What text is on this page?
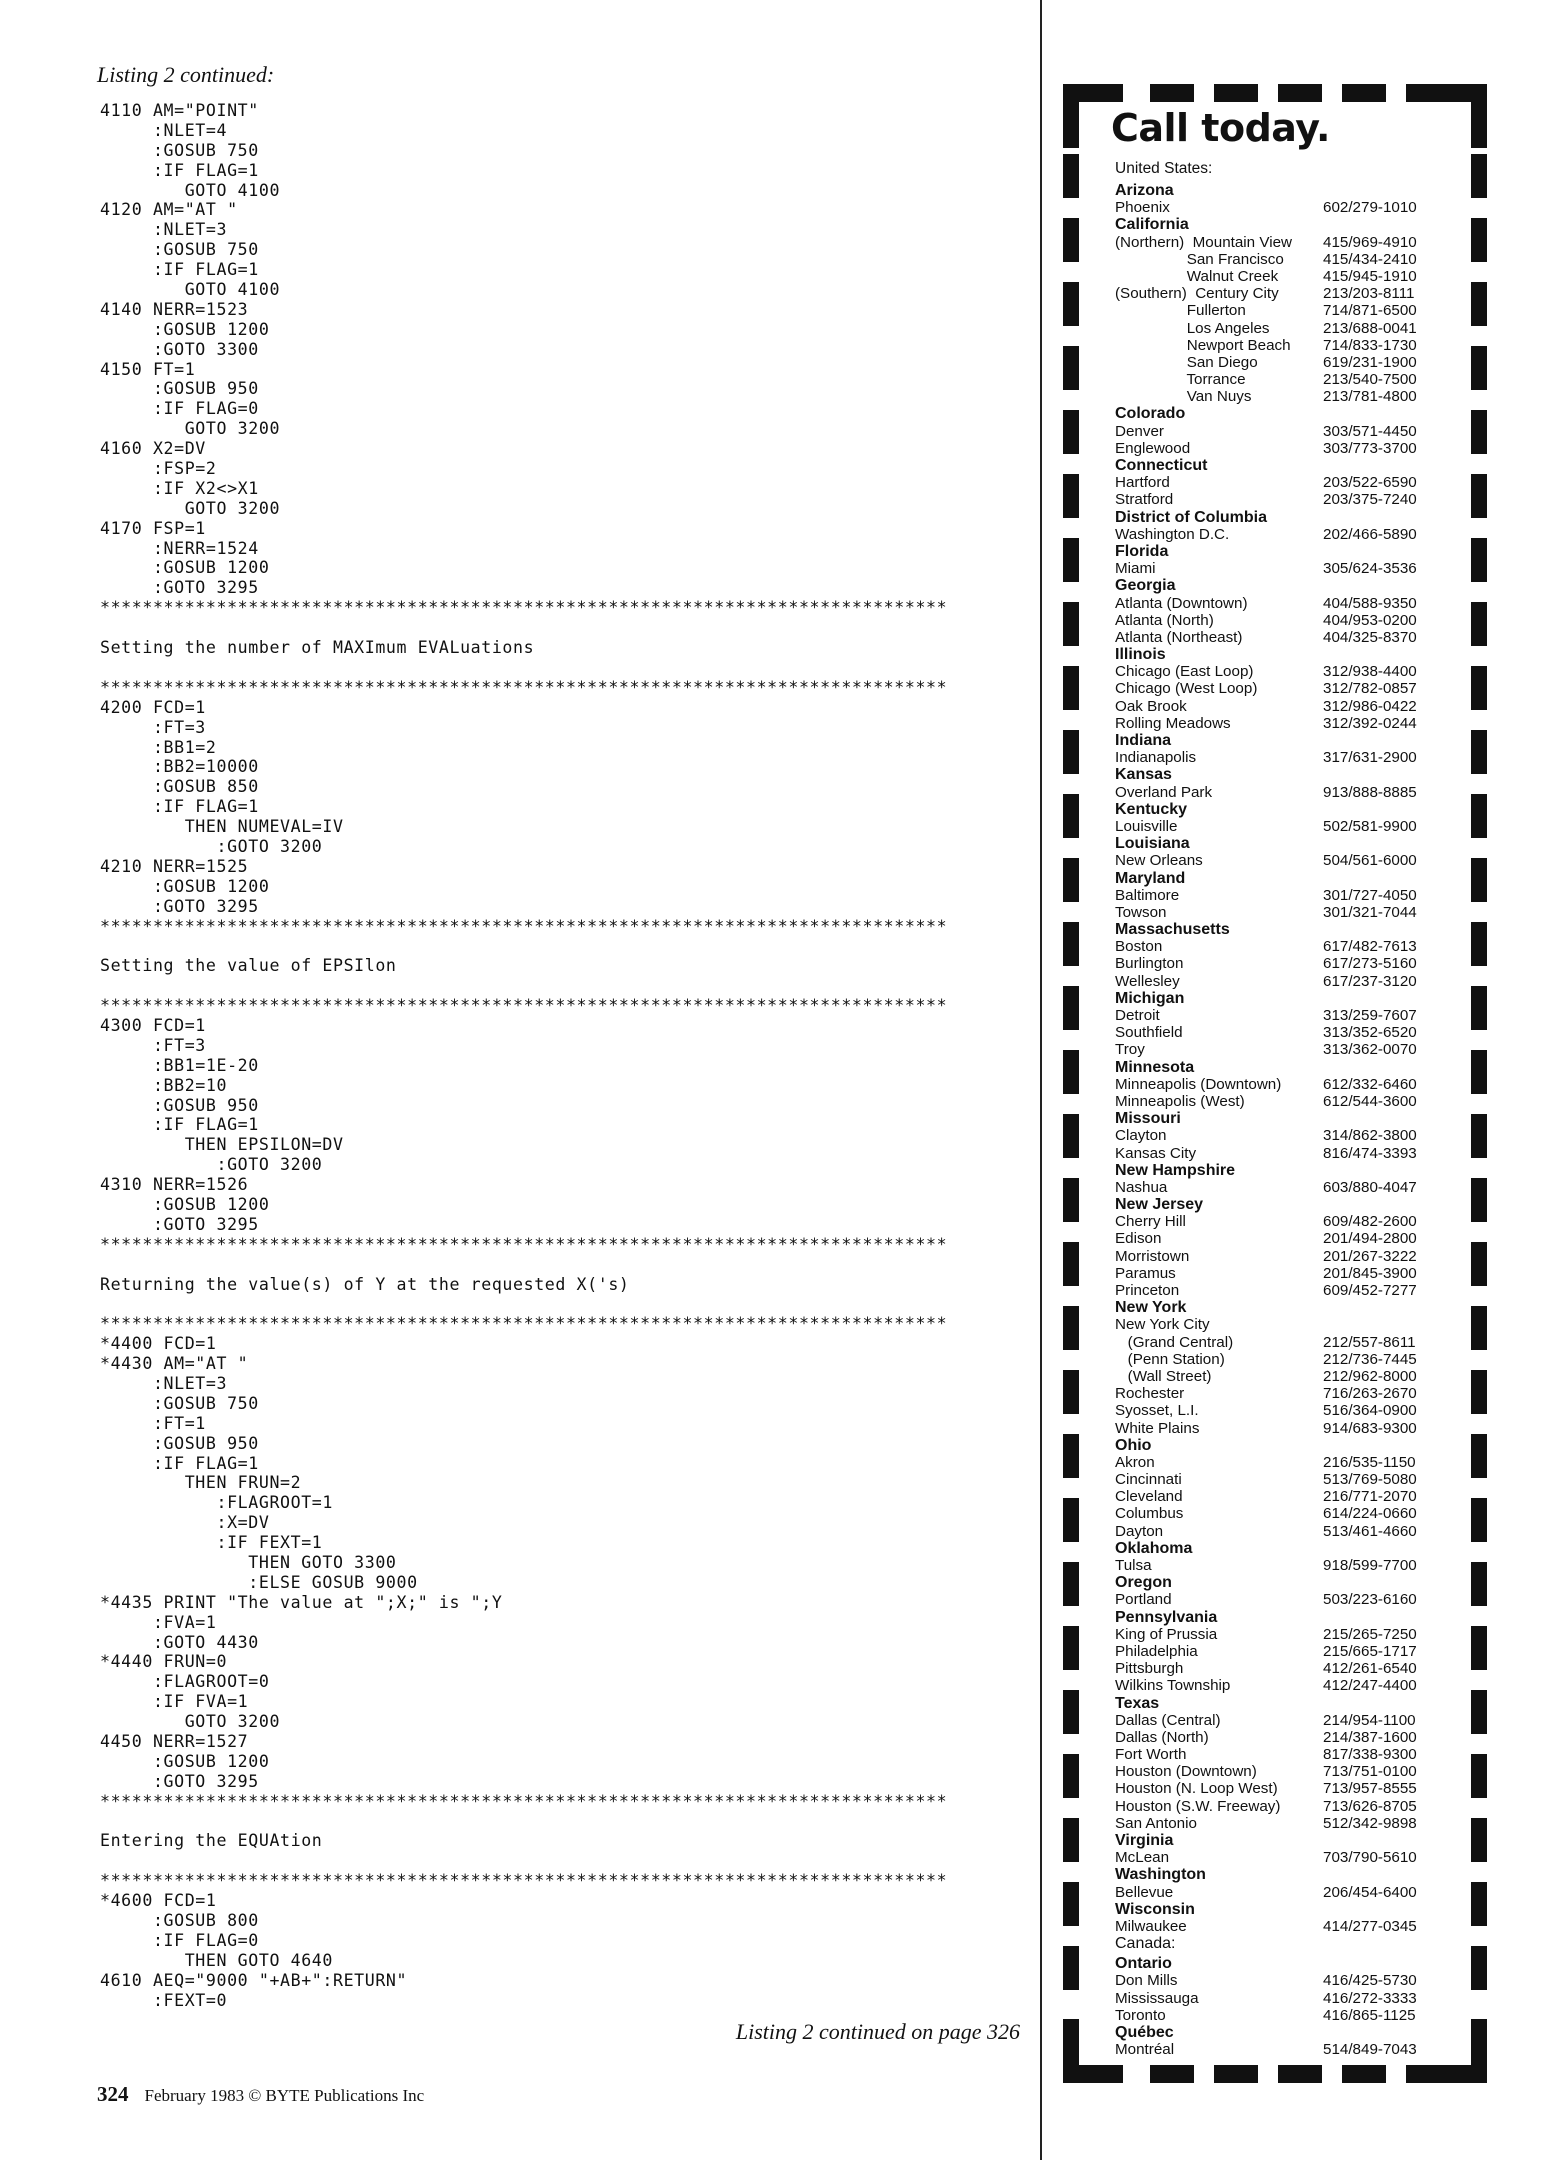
Listing 2 continued:
4110 AM="POINT"
:NLET=4
:GOSUB 750
:IF FLAG=1
GOTO 4100
4120 AM="AT "
:NLET=3
:GOSUB 750
:IF FLAG=1
GOTO 4100
4140 NERR=1523
:GOSUB 1200
:GOTO 3300
4150 FT=1
:GOSUB 950
:IF FLAG=0
GOTO 3200
4160 X2=DV
:FSP=2
:IF X2<>X1
GOTO 3200
4170 FSP=1
:NERR=1524
:GOSUB 1200
:GOTO 3295
********************************************************************************
Setting the number of MAXImum EVALuations
********************************************************************************
4200 FCD=1
:FT=3
:BB1=2
:BB2=10000
:GOSUB 850
:IF FLAG=1
THEN NUMEVAL=IV
:GOTO 3200
4210 NERR=1525
:GOSUB 1200
:GOTO 3295
********************************************************************************
Setting the value of EPSIlon
********************************************************************************
4300 FCD=1
:FT=3
:BB1=1E-20
:BB2=10
:GOSUB 950
:IF FLAG=1
THEN EPSILON=DV
:GOTO 3200
4310 NERR=1526
:GOSUB 1200
:GOTO 3295
********************************************************************************
Returning the value(s) of Y at the requested X('s)
********************************************************************************
*4400 FCD=1
*4430 AM="AT "
:NLET=3
:GOSUB 750
:FT=1
:GOSUB 950
:IF FLAG=1
THEN FRUN=2
:FLAGROOT=1
:X=DV
:IF FEXT=1
THEN GOTO 3300
:ELSE GOSUB 9000
*4435 PRINT "The value at ";X;" is ";Y
:FVA=1
:GOTO 4430
*4440 FRUN=0
:FLAGROOT=0
:IF FVA=1
GOTO 3200
4450 NERR=1527
:GOSUB 1200
:GOTO 3295
********************************************************************************
Entering the EQUAtion
********************************************************************************
*4600 FCD=1
:GOSUB 800
:IF FLAG=0
THEN GOTO 4640
4610 AEQ="9000 "+AB+":RETURN"
:FEXT=0
Listing 2 continued on page 326
324 February 1983 © BYTE Publications Inc
Call today.
United States:
Arizona
Phoenix	602/279-1010
California
(Northern)  Mountain View 415/969-4910
San Francisco	415/434-2410
Walnut Creek	415/945-1910
(Southern)  Century City	213/203-8111
Fullerton	714/871-6500
Los Angeles	213/688-0041
Newport Beach 714/833-1730
San Diego	619/231-1900
Torrance	213/540-7500
Van Nuys	213/781-4800
Colorado
Denver	303/571-4450
Englewood	303/773-3700
Connecticut
Hartford	203/522-6590
Stratford	203/375-7240
District of Columbia
Washington D.C.	202/466-5890
Florida
Miami	305/624-3536
Georgia
Atlanta (Downtown)	404/588-9350
Atlanta (North)	404/953-0200
Atlanta (Northeast)	404/325-8370
Illinois
Chicago (East Loop)	312/938-4400
Chicago (West Loop)	312/782-0857
Oak Brook	312/986-0422
Rolling Meadows	312/392-0244
Indiana
Indianapolis	317/631-2900
Kansas
Overland Park	913/888-8885
Kentucky
Louisville	502/581-9900
Louisiana
New Orleans	504/561-6000
Maryland
Baltimore	301/727-4050
Towson	301/321-7044
Massachusetts
Boston	617/482-7613
Burlington	617/273-5160
Wellesley	617/237-3120
Michigan
Detroit	313/259-7607
Southfield	313/352-6520
Troy	313/362-0070
Minnesota
Minneapolis (Downtown)	612/332-6460
Minneapolis (West)	612/544-3600
Missouri
Clayton	314/862-3800
Kansas City	816/474-3393
New Hampshire
Nashua	603/880-4047
New Jersey
Cherry Hill	609/482-2600
Edison	201/494-2800
Morristown	201/267-3222
Paramus	201/845-3900
Princeton	609/452-7277
New York
New York City
(Grand Central)	212/557-8611
(Penn Station)	212/736-7445
(Wall Street)	212/962-8000
Rochester	716/263-2670
Syosset, L.I.	516/364-0900
White Plains	914/683-9300
Ohio
Akron	216/535-1150
Cincinnati	513/769-5080
Cleveland	216/771-2070
Columbus	614/224-0660
Dayton	513/461-4660
Oklahoma
Tulsa	918/599-7700
Oregon
Portland	503/223-6160
Pennsylvania
King of Prussia	215/265-7250
Philadelphia	215/665-1717
Pittsburgh	412/261-6540
Wilkins Township	412/247-4400
Texas
Dallas (Central)	214/954-1100
Dallas (North)	214/387-1600
Fort Worth	817/338-9300
Houston (Downtown)	713/751-0100
Houston (N. Loop West)	713/957-8555
Houston (S.W. Freeway)	713/626-8705
San Antonio	512/342-9898
Virginia
McLean	703/790-5610
Washington
Bellevue	206/454-6400
Wisconsin
Milwaukee	414/277-0345
Canada:
Ontario
Don Mills	416/425-5730
Mississauga	416/272-3333
Toronto	416/865-1125
Québec
Montréal	514/849-7043
